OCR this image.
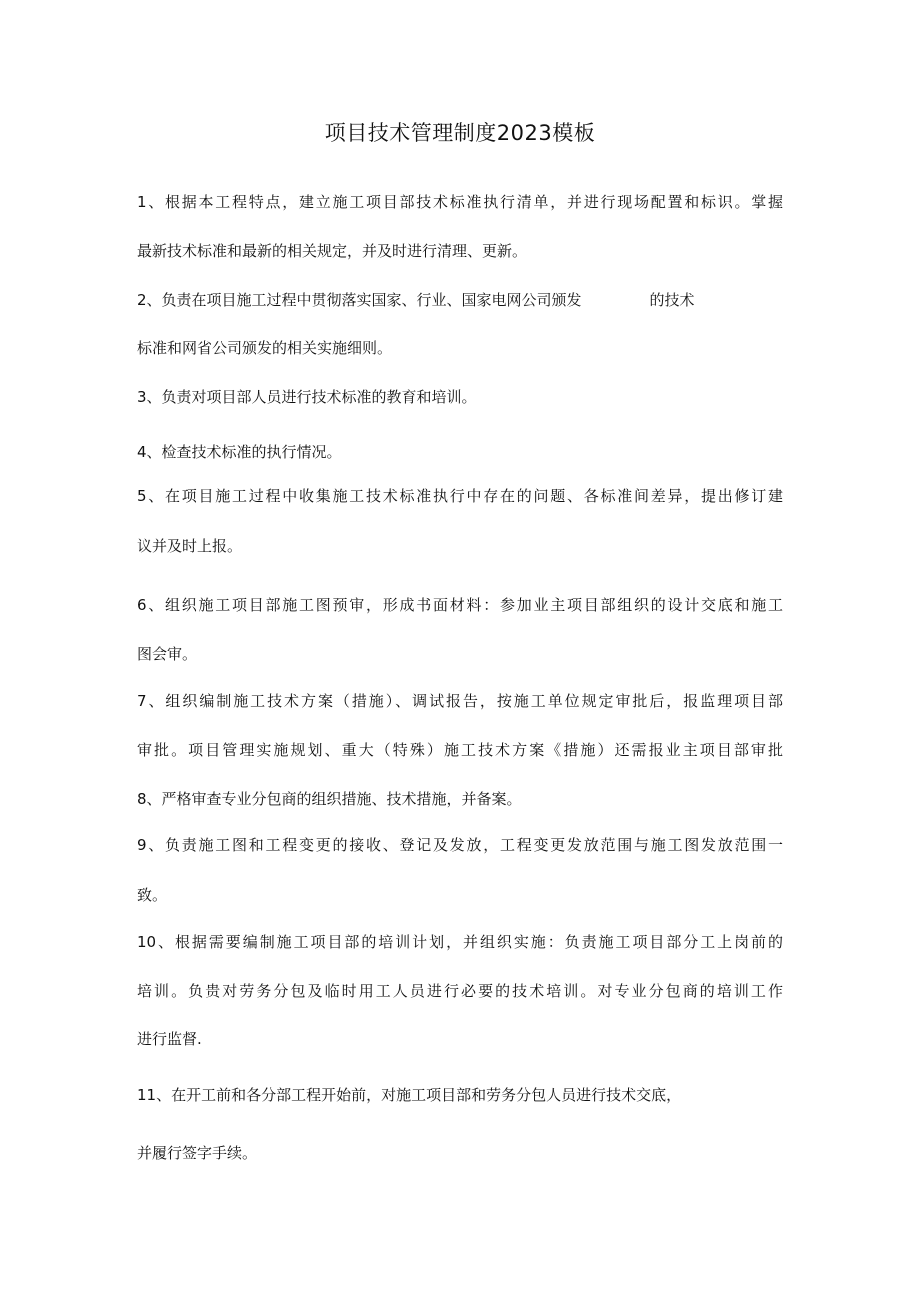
项目技术管理制度2023模板

1、根据本工程特点，建立施工项目部技术标准执行清单，并进行现场配置和标识。掌握

最新技术标准和最新的相关规定，并及时进行清理、更新。

2、负责在项目施工过程中贯彻落实国家、行业、国家电网公司颁发	的技术

标准和网省公司颁发的相关实施细则。

3、负责对项目部人员进行技术标准的教育和培训。

4、检查技术标准的执行情况。

5、在项目施工过程中收集施工技术标准执行中存在的问题、各标准间差异，提出修订建

议并及时上报。

6、组织施工项目部施工图预审，形成书面材料：参加业主项目部组织的设计交底和施工

图会审。

7、组织编制施工技术方案（措施）、调试报告，按施工单位规定审批后，报监理项目部

审批。项目管理实施规划、重大（特殊）施工技术方案《措施）还需报业主项目部审批

8、严格审查专业分包商的组织措施、技术措施，并备案。

9、负责施工图和工程变更的接收、登记及发放，工程变更发放范围与施工图发放范围一

致。

10、根据需要编制施工项目部的培训计划，并组织实施：负责施工项目部分工上岗前的

培训。负贵对劳务分包及临时用工人员进行必要的技术培训。对专业分包商的培训工作

进行监督.

11、在开工前和各分部工程开始前，对施工项目部和劳务分包人员进行技术交底，

并履行签字手续。
